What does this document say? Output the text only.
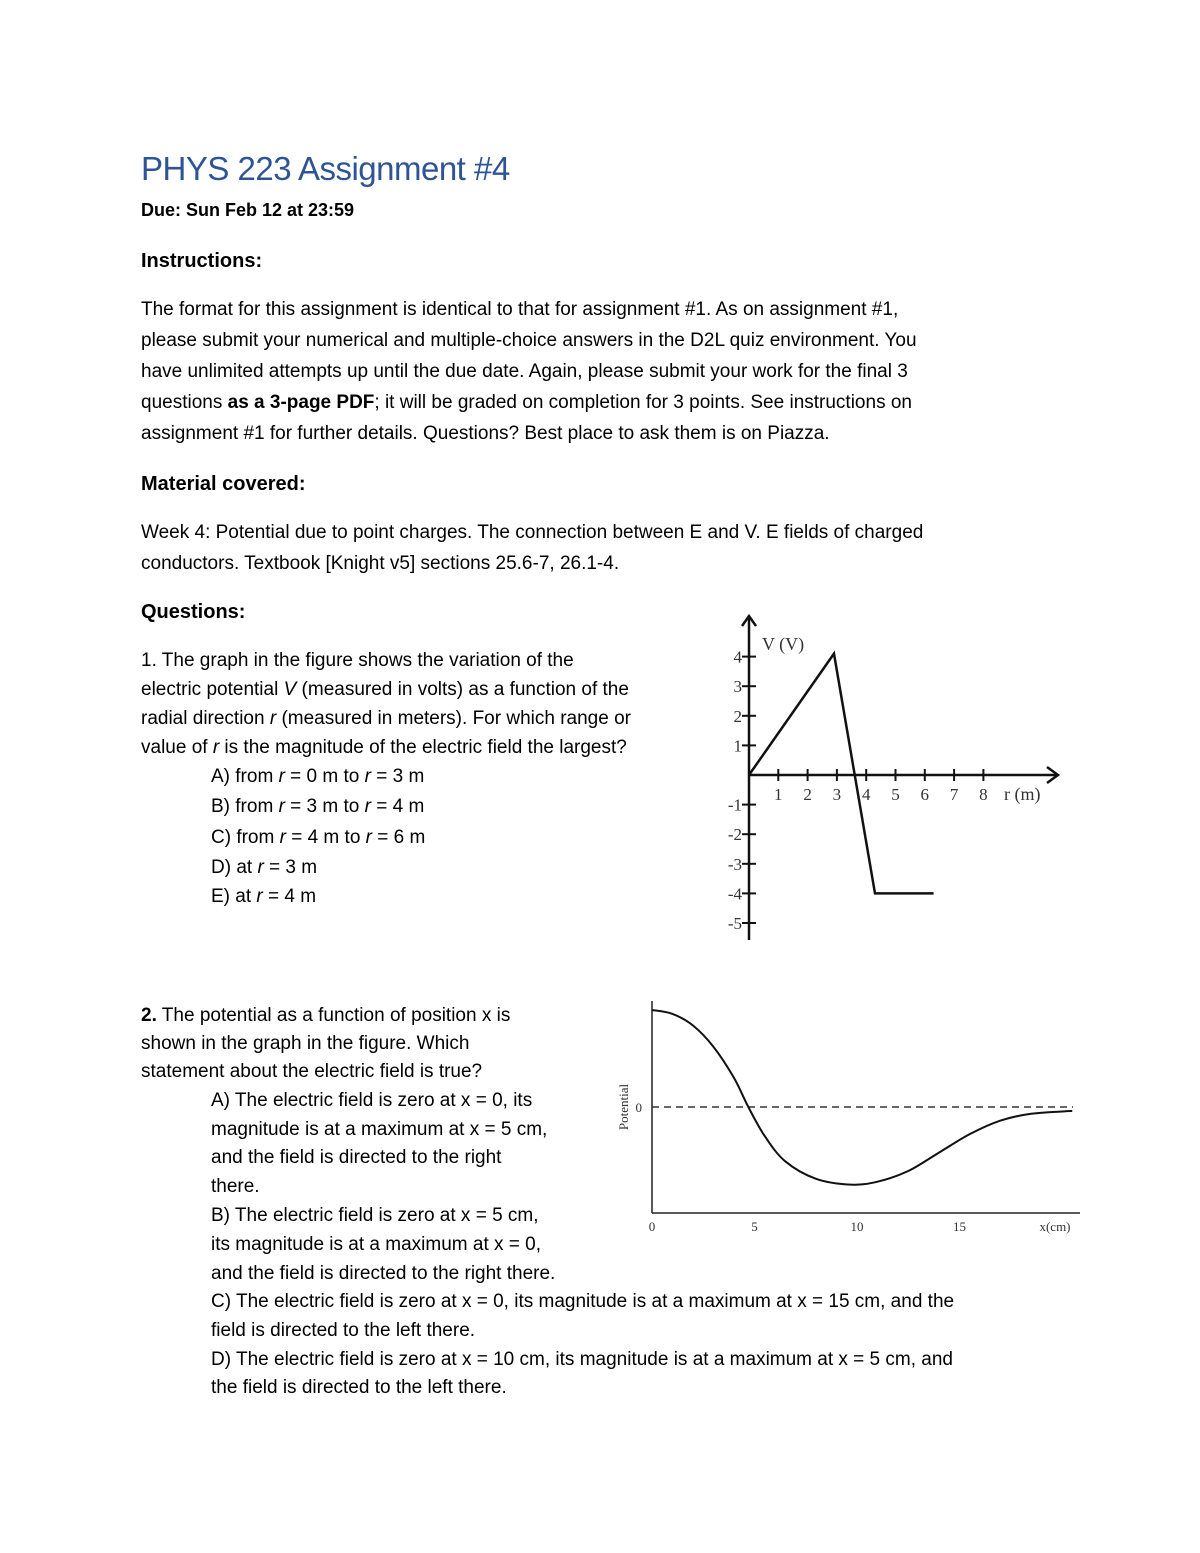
PHYS 223 Assignment #4
Due: Sun Feb 12 at 23:59
Instructions:
Material covered:
Questions:
The format for this assignment is identical to that for assignment #1. As on assignment #1,
please submit your numerical and multiple-choice answers in the D2L quiz environment. You
have unlimited attempts up until the due date. Again, please submit your work for the final 3
questions as a 3-page PDF; it will be graded on completion for 3 points. See instructions on
assignment #1 for further details. Questions? Best place to ask them is on Piazza.
Week 4: Potential due to point charges. The connection between E and V. E fields of charged
conductors. Textbook [Knight v5] sections 25.6-7, 26.1-4.
1. The graph in the figure shows the variation of the
electric potential V (measured in volts) as a function of the
radial direction r (measured in meters). For which range or
value of r is the magnitude of the electric field the largest?
A) from r = 0 m to r = 3 m
B) from r = 3 m to r = 4 m
C) from r = 4 m to r = 6 m
D) at r = 3 m
E) at r = 4 m
2. The potential as a function of position x is
shown in the graph in the figure. Which
statement about the electric field is true?
A) The electric field is zero at x = 0, its
magnitude is at a maximum at x = 5 cm,
and the field is directed to the right
there.
B) The electric field is zero at x = 5 cm,
its magnitude is at a maximum at x = 0,
and the field is directed to the right there.
C) The electric field is zero at x = 0, its magnitude is at a maximum at x = 15 cm, and the
field is directed to the left there.
D) The electric field is zero at x = 10 cm, its magnitude is at a maximum at x = 5 cm, and
the field is directed to the left there.
1 2 3 4 5 6 7 8
4
3
2
1
-1
-2
-3
-4
-5
V (V)
r (m)
0	5	10	15	x(cm)
0
Potential
